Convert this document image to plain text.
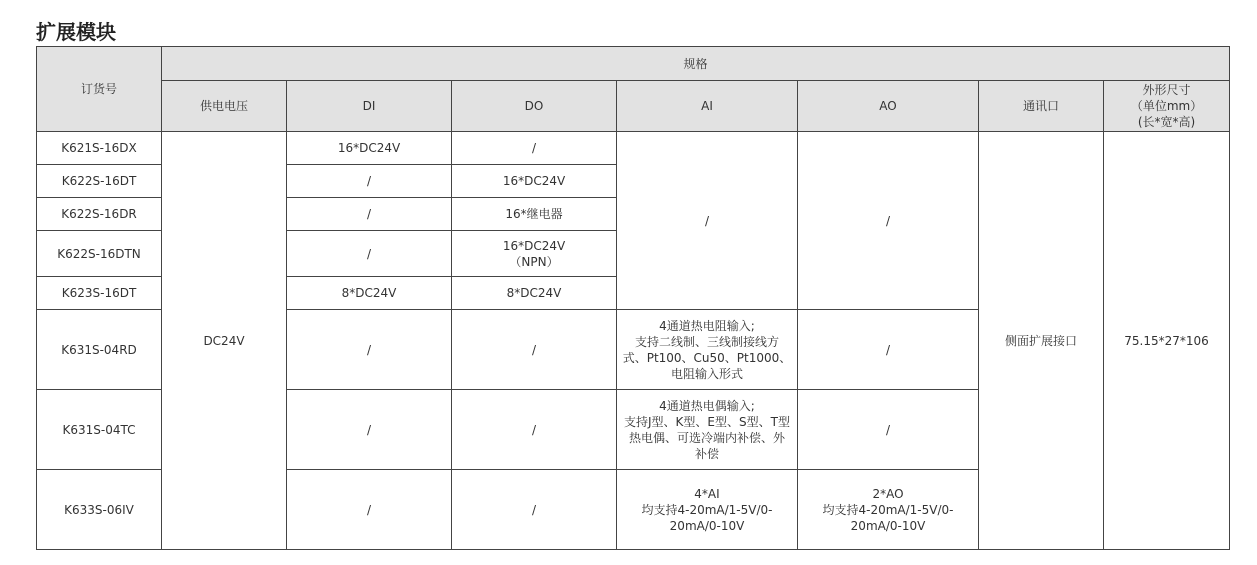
扩展模块
订货号	规格						
	供电电压	DI	DO	AI	AO	通讯口	外形尺寸
（单位mm）
(长*宽*高)
K621S-16DX	DC24V	16*DC24V	/	/	/	侧面扩展接口	75.15*27*106
K622S-16DT		/	16*DC24V				
K622S-16DR		/	16*继电器				
K622S-16DTN		/	16*DC24V
（NPN）				
K623S-16DT		8*DC24V	8*DC24V				
K631S-04RD		/	/	4通道热电阻输入;
支持二线制、三线制接线方
式、Pt100、Cu50、Pt1000、
电阻输入形式	/		
K631S-04TC		/	/	4通道热电偶输入;
支持J型、K型、E型、S型、T型
热电偶、可选冷端内补偿、外
补偿	/		
K633S-06IV		/	/	4*AI
均支持4-20mA/1-5V/0-
20mA/0-10V	2*AO
均支持4-20mA/1-5V/0-
20mA/0-10V		
